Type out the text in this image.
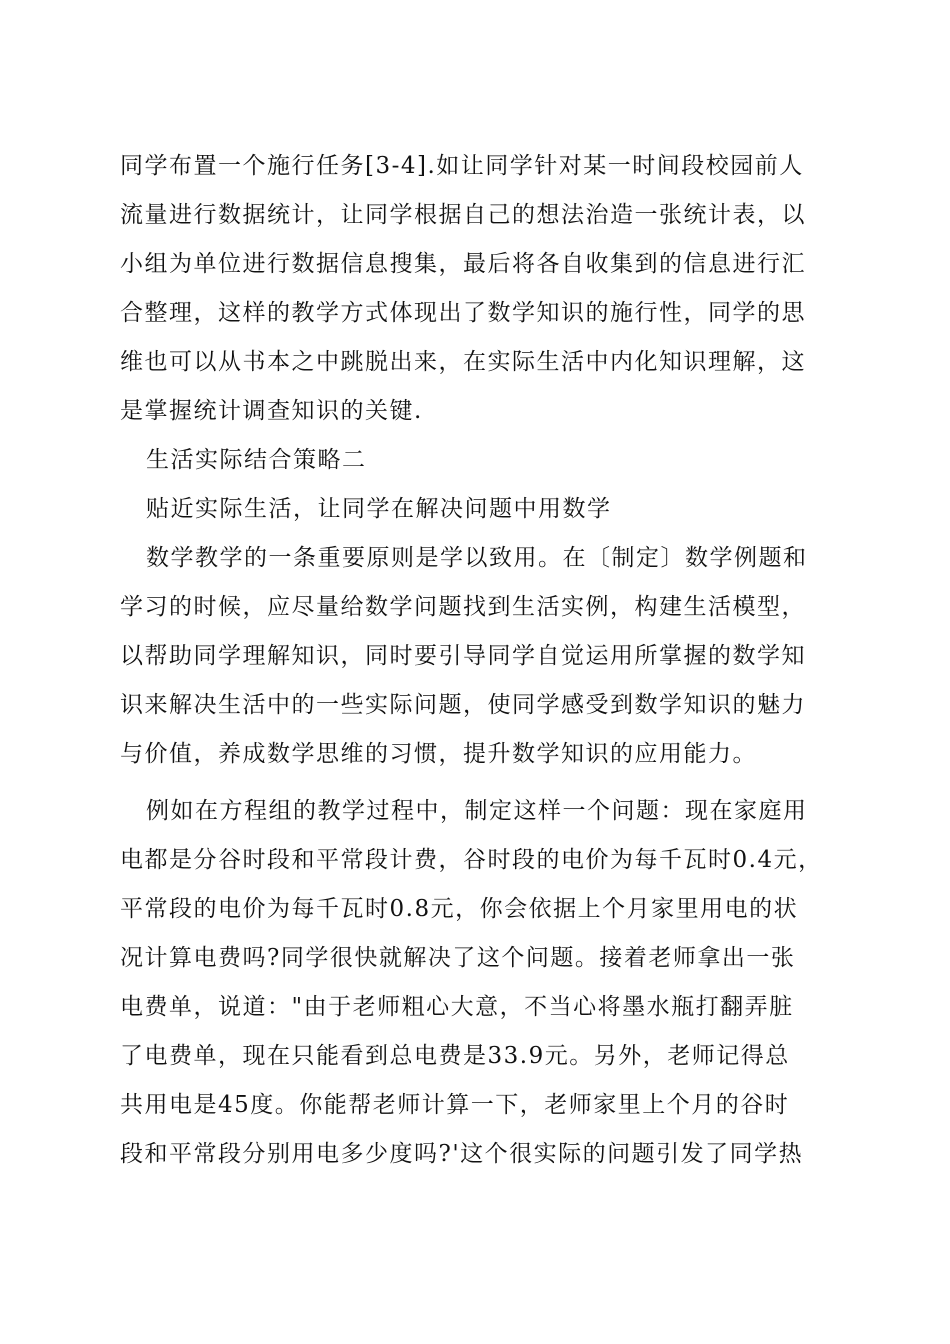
同学布置一个施行任务[3-4].如让同学针对某一时间段校园前人
流量进行数据统计，让同学根据自己的想法治造一张统计表，以
小组为单位进行数据信息搜集，最后将各自收集到的信息进行汇
合整理，这样的教学方式体现出了数学知识的施行性，同学的思
维也可以从书本之中跳脱出来，在实际生活中内化知识理解，这
是掌握统计调查知识的关键.
生活实际结合策略二
贴近实际生活，让同学在解决问题中用数学
数学教学的一条重要原则是学以致用。在〔制定〕数学例题和
学习的时候，应尽量给数学问题找到生活实例，构建生活模型，
以帮助同学理解知识，同时要引导同学自觉运用所掌握的数学知
识来解决生活中的一些实际问题，使同学感受到数学知识的魅力
与价值，养成数学思维的习惯，提升数学知识的应用能力。
例如在方程组的教学过程中，制定这样一个问题：现在家庭用
电都是分谷时段和平常段计费，谷时段的电价为每千瓦时0.4元，
平常段的电价为每千瓦时0.8元，你会依据上个月家里用电的状
况计算电费吗?同学很快就解决了这个问题。接着老师拿出一张
电费单，说道："由于老师粗心大意，不当心将墨水瓶打翻弄脏
了电费单，现在只能看到总电费是33.9元。另外，老师记得总
共用电是45度。你能帮老师计算一下，老师家里上个月的谷时
段和平常段分别用电多少度吗?'这个很实际的问题引发了同学热
